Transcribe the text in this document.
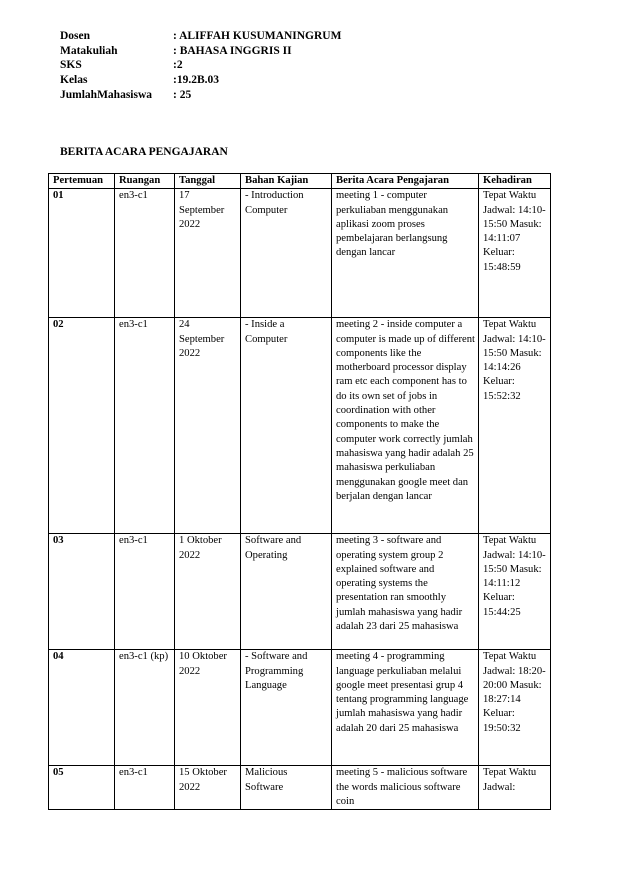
Dosen	: ALIFFAH KUSUMANINGRUM
Matakuliah	: BAHASA INGGRIS II
SKS	:2
Kelas	:19.2B.03
JumlahMahasiswa	: 25
BERITA ACARA PENGAJARAN
Pertemuan	Ruangan	Tanggal	Bahan Kajian	Berita Acara Pengajaran	Kehadiran
01	en3-c1	17 September 2022	- Introduction Computer	meeting 1 - computer perkuliaban menggunakan aplikasi zoom proses pembelajaran berlangsung dengan lancar	Tepat Waktu Jadwal: 14:10-15:50 Masuk: 14:11:07 Keluar: 15:48:59
02	en3-c1	24 September 2022	- Inside a Computer	meeting 2 - inside computer a computer is made up of different components like the motherboard processor display ram etc each component has to do its own set of jobs in coordination with other components to make the computer work correctly jumlah mahasiswa yang hadir adalah 25 mahasiswa perkuliaban menggunakan google meet dan berjalan dengan lancar	Tepat Waktu Jadwal: 14:10-15:50 Masuk: 14:14:26 Keluar: 15:52:32
03	en3-c1	1 Oktober 2022	Software and Operating	meeting 3 - software and operating system group 2 explained software and operating systems the presentation ran smoothly jumlah mahasiswa yang hadir adalah 23 dari 25 mahasiswa	Tepat Waktu Jadwal: 14:10-15:50 Masuk: 14:11:12 Keluar: 15:44:25
04	en3-c1 (kp)	10 Oktober 2022	- Software and Programming Language	meeting 4 - programming language perkuliaban melalui google meet presentasi grup 4 tentang programming language jumlah mahasiswa yang hadir adalah 20 dari 25 mahasiswa	Tepat Waktu Jadwal: 18:20-20:00 Masuk: 18:27:14 Keluar: 19:50:32
05	en3-c1	15 Oktober 2022	Malicious Software	meeting 5 - malicious software the words malicious software coin	Tepat Waktu Jadwal:
